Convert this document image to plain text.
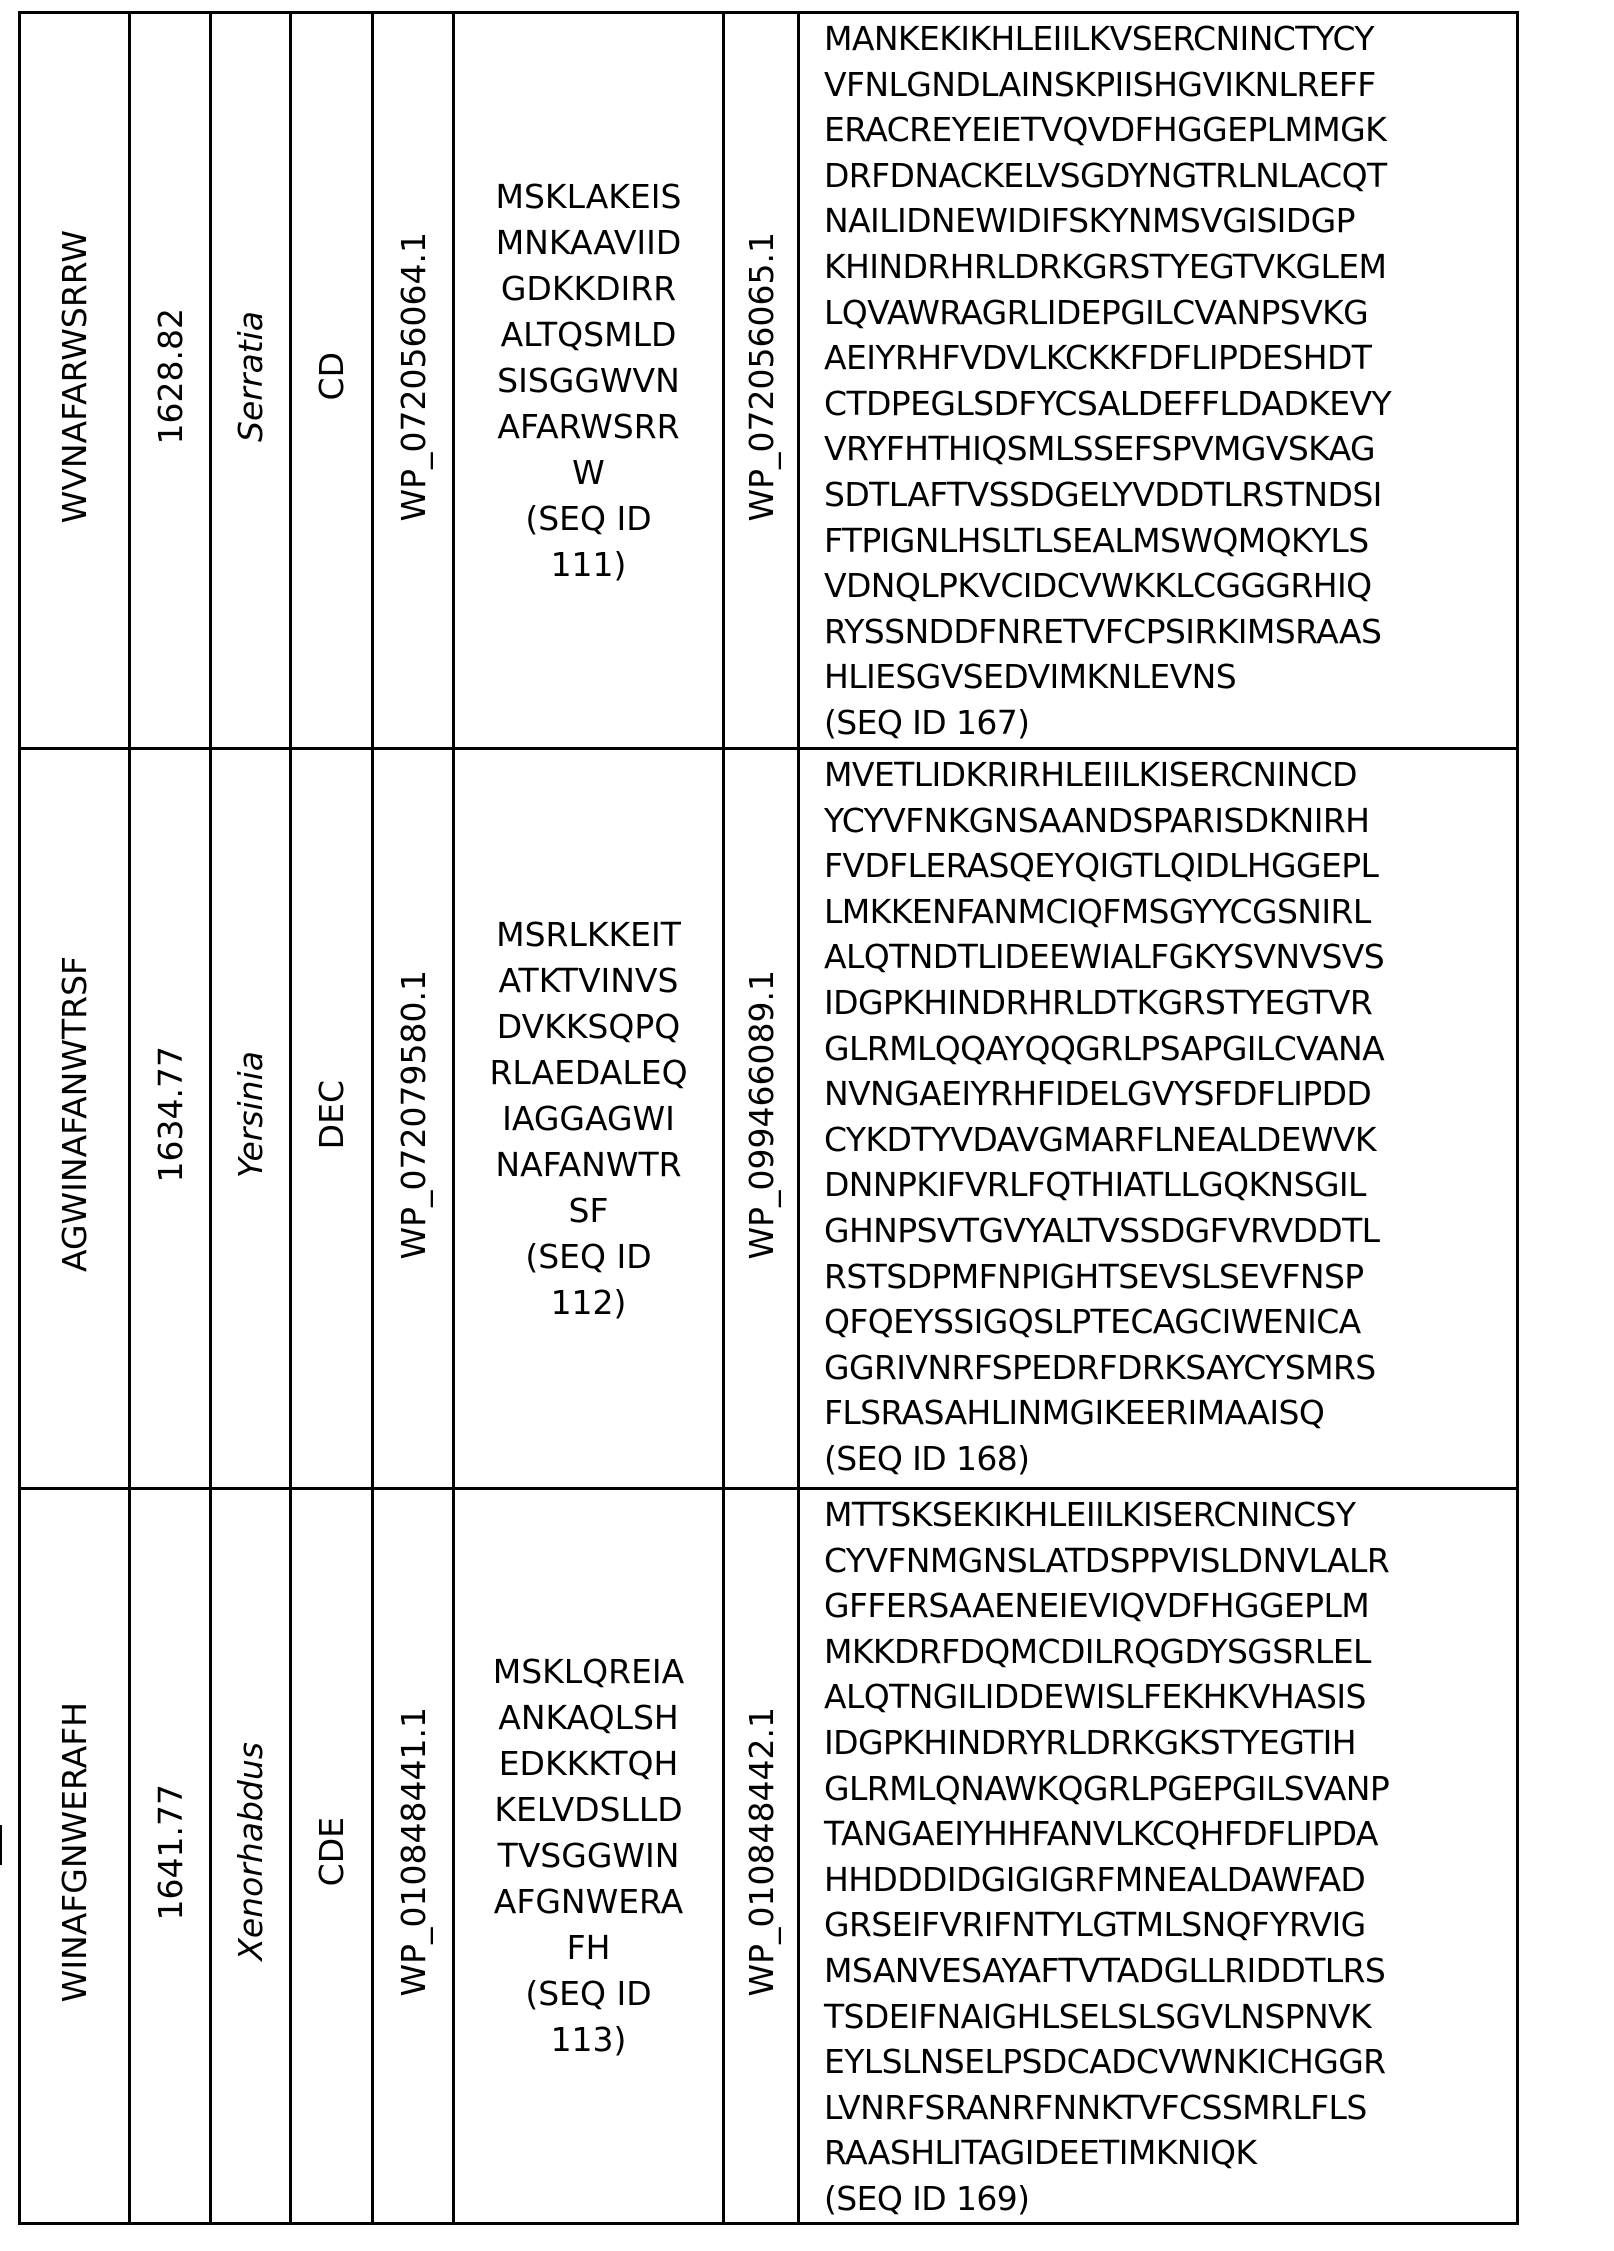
WVNAFARWSRRW	1628.82	Serratia	CD	WP_072056064.1	
MSKLAKEIS
MNKAAVIID
GDKKDIRR
ALTQSMLD
SISGGWVN
AFARWSRR
W
(SEQ ID
111)
	WP_072056065.1	
MANKEKIKHLEIILKVSERCNINCTYCY
VFNLGNDLAINSKPIISHGVIKNLREFF
ERACREYEIETVQVDFHGGEPLMMGK
DRFDNACKELVSGDYNGTRLNLACQT
NAILIDNEWIDIFSKYNMSVGISIDGP
KHINDRHRLDRKGRSTYEGTVKGLEM
LQVAWRAGRLIDEPGILCVANPSVKG
AEIYRHFVDVLKCKKFDFLIPDESHDT
CTDPEGLSDFYCSALDEFFLDADKEVY
VRYFHTHIQSMLSSEFSPVMGVSKAG
SDTLAFTVSSDGELYVDDTLRSTNDSI
FTPIGNLHSLTLSEALMSWQMQKYLS
VDNQLPKVCIDCVWKKLCGGGRHIQ
RYSSNDDFNRETVFCPSIRKIMSRAAS
HLIESGVSEDVIMKNLEVNS
(SEQ ID 167)

AGWINAFANWTRSF	1634.77	Yersinia	DEC	WP_072079580.1	
MSRLKKEIT
ATKTVINVS
DVKKSQPQ
RLAEDALEQ
IAGGAGWI
NAFANWTR
SF
(SEQ ID
112)
	WP_099466089.1	
MVETLIDKRIRHLEIILKISERCNINCD
YCYVFNKGNSAANDSPARISDKNIRH
FVDFLERASQEYQIGTLQIDLHGGEPL
LMKKENFANMCIQFMSGYYCGSNIRL
ALQTNDTLIDEEWIALFGKYSVNVSVS
IDGPKHINDRHRLDTKGRSTYEGTVR
GLRMLQQAYQQGRLPSAPGILCVANA
NVNGAEIYRHFIDELGVYSFDFLIPDD
CYKDTYVDAVGMARFLNEALDEWVK
DNNPKIFVRLFQTHIATLLGQKNSGIL
GHNPSVTGVYALTVSSDGFVRVDDTL
RSTSDPMFNPIGHTSEVSLSEVFNSP
QFQEYSSIGQSLPTECAGCIWENICA
GGRIVNRFSPEDRFDRKSAYCYSMRS
FLSRASAHLINMGIKEERIMAAISQ
(SEQ ID 168)

WINAFGNWERAFH	1641.77	Xenorhabdus	CDE	WP_010848441.1	
MSKLQREIA
ANKAQLSH
EDKKKTQH
KELVDSLLD
TVSGGWIN
AFGNWERA
FH
(SEQ ID
113)
	WP_010848442.1	
MTTSKSEKIKHLEIILKISERCNINCSY
CYVFNMGNSLATDSPPVISLDNVLALR
GFFERSAAENEIEVIQVDFHGGEPLM
MKKDRFDQMCDILRQGDYSGSRLEL
ALQTNGILIDDEWISLFEKHKVHASIS
IDGPKHINDRYRLDRKGKSTYEGTIH
GLRMLQNAWKQGRLPGEPGILSVANP
TANGAEIYHHFANVLKCQHFDFLIPDA
HHDDDIDGIGIGRFMNEALDAWFAD
GRSEIFVRIFNTYLGTMLSNQFYRVIG
MSANVESAYAFTVTADGLLRIDDTLRS
TSDEIFNAIGHLSELSLSGVLNSPNVK
EYLSLNSELPSDCADCVWNKICHGGR
LVNRFSRANRFNNKTVFCSSMRLFLS
RAASHLITAGIDEETIMKNIQK
(SEQ ID 169)
